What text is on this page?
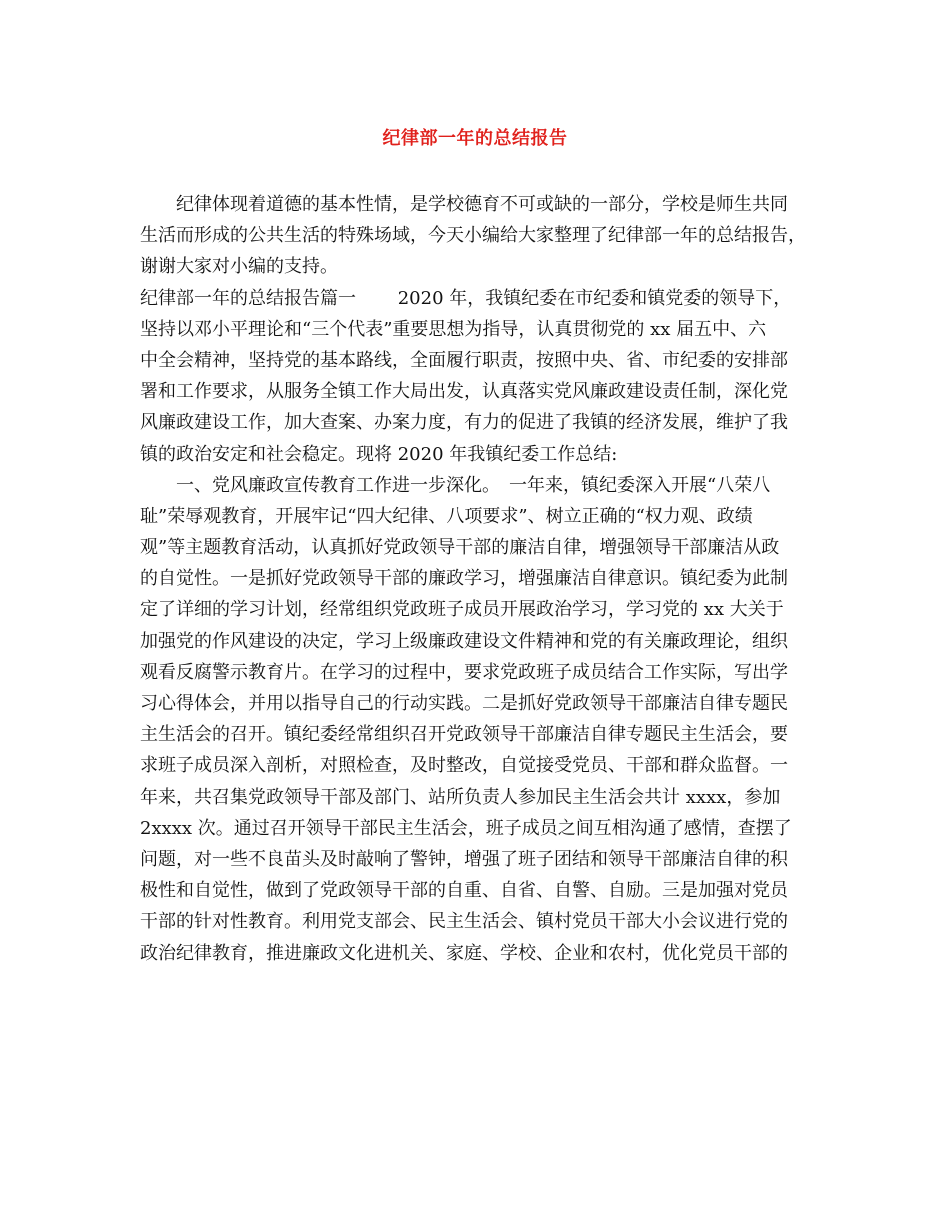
纪律部一年的总结报告
纪律体现着道德的基本性情，是学校德育不可或缺的一部分，学校是师生共同
生活而形成的公共生活的特殊场域，今天小编给大家整理了纪律部一年的总结报告，
谢谢大家对小编的支持。
纪律部一年的总结报告篇一　　 2020 年，我镇纪委在市纪委和镇党委的领导下，
坚持以邓小平理论和“三个代表”重要思想为指导，认真贯彻党的 xx 届五中、六
中全会精神，坚持党的基本路线，全面履行职责，按照中央、省、市纪委的安排部
署和工作要求，从服务全镇工作大局出发，认真落实党风廉政建设责任制，深化党
风廉政建设工作，加大查案、办案力度，有力的促进了我镇的经济发展，维护了我
镇的政治安定和社会稳定。现将 2020 年我镇纪委工作总结:
一、党风廉政宣传教育工作进一步深化。　一年来，镇纪委深入开展“八荣八
耻”荣辱观教育，开展牢记“四大纪律、八项要求”、树立正确的“权力观、政绩
观”等主题教育活动，认真抓好党政领导干部的廉洁自律，增强领导干部廉洁从政
的自觉性。一是抓好党政领导干部的廉政学习，增强廉洁自律意识。镇纪委为此制
定了详细的学习计划，经常组织党政班子成员开展政治学习，学习党的 xx 大关于
加强党的作风建设的决定，学习上级廉政建设文件精神和党的有关廉政理论，组织
观看反腐警示教育片。在学习的过程中，要求党政班子成员结合工作实际，写出学
习心得体会，并用以指导自己的行动实践。二是抓好党政领导干部廉洁自律专题民
主生活会的召开。镇纪委经常组织召开党政领导干部廉洁自律专题民主生活会，要
求班子成员深入剖析，对照检查，及时整改，自觉接受党员、干部和群众监督。一
年来，共召集党政领导干部及部门、站所负责人参加民主生活会共计 xxxx，参加
2xxxx 次。通过召开领导干部民主生活会，班子成员之间互相沟通了感情，查摆了
问题，对一些不良苗头及时敲响了警钟，增强了班子团结和领导干部廉洁自律的积
极性和自觉性，做到了党政领导干部的自重、自省、自警、自励。三是加强对党员
干部的针对性教育。利用党支部会、民主生活会、镇村党员干部大小会议进行党的
政治纪律教育，推进廉政文化进机关、家庭、学校、企业和农村，优化党员干部的
